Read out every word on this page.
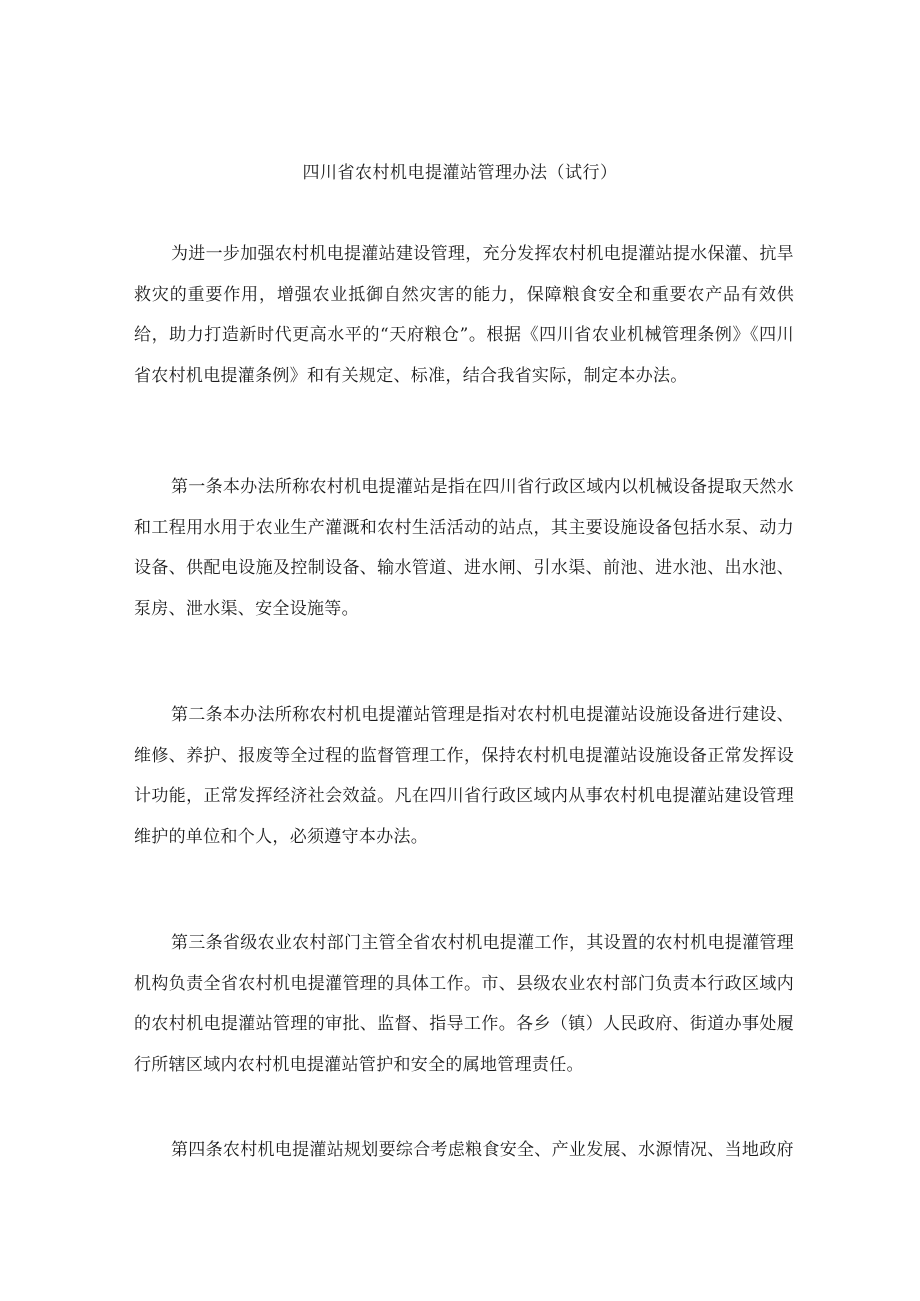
四川省农村机电提灌站管理办法（试行）

为进一步加强农村机电提灌站建设管理，充分发挥农村机电提灌站提水保灌、抗旱救灾的重要作用，增强农业抵御自然灾害的能力，保障粮食安全和重要农产品有效供给，助力打造新时代更高水平的“天府粮仓”。根据《四川省农业机械管理条例》《四川省农村机电提灌条例》和有关规定、标准，结合我省实际，制定本办法。

第一条本办法所称农村机电提灌站是指在四川省行政区域内以机械设备提取天然水和工程用水用于农业生产灌溉和农村生活活动的站点，其主要设施设备包括水泵、动力设备、供配电设施及控制设备、输水管道、进水闸、引水渠、前池、进水池、出水池、泵房、泄水渠、安全设施等。

第二条本办法所称农村机电提灌站管理是指对农村机电提灌站设施设备进行建设、维修、养护、报废等全过程的监督管理工作，保持农村机电提灌站设施设备正常发挥设计功能，正常发挥经济社会效益。凡在四川省行政区域内从事农村机电提灌站建设管理维护的单位和个人，必须遵守本办法。

第三条省级农业农村部门主管全省农村机电提灌工作，其设置的农村机电提灌管理机构负责全省农村机电提灌管理的具体工作。市、县级农业农村部门负责本行政区域内的农村机电提灌站管理的审批、监督、指导工作。各乡（镇）人民政府、街道办事处履行所辖区域内农村机电提灌站管护和安全的属地管理责任。

第四条农村机电提灌站规划要综合考虑粮食安全、产业发展、水源情况、当地政府
